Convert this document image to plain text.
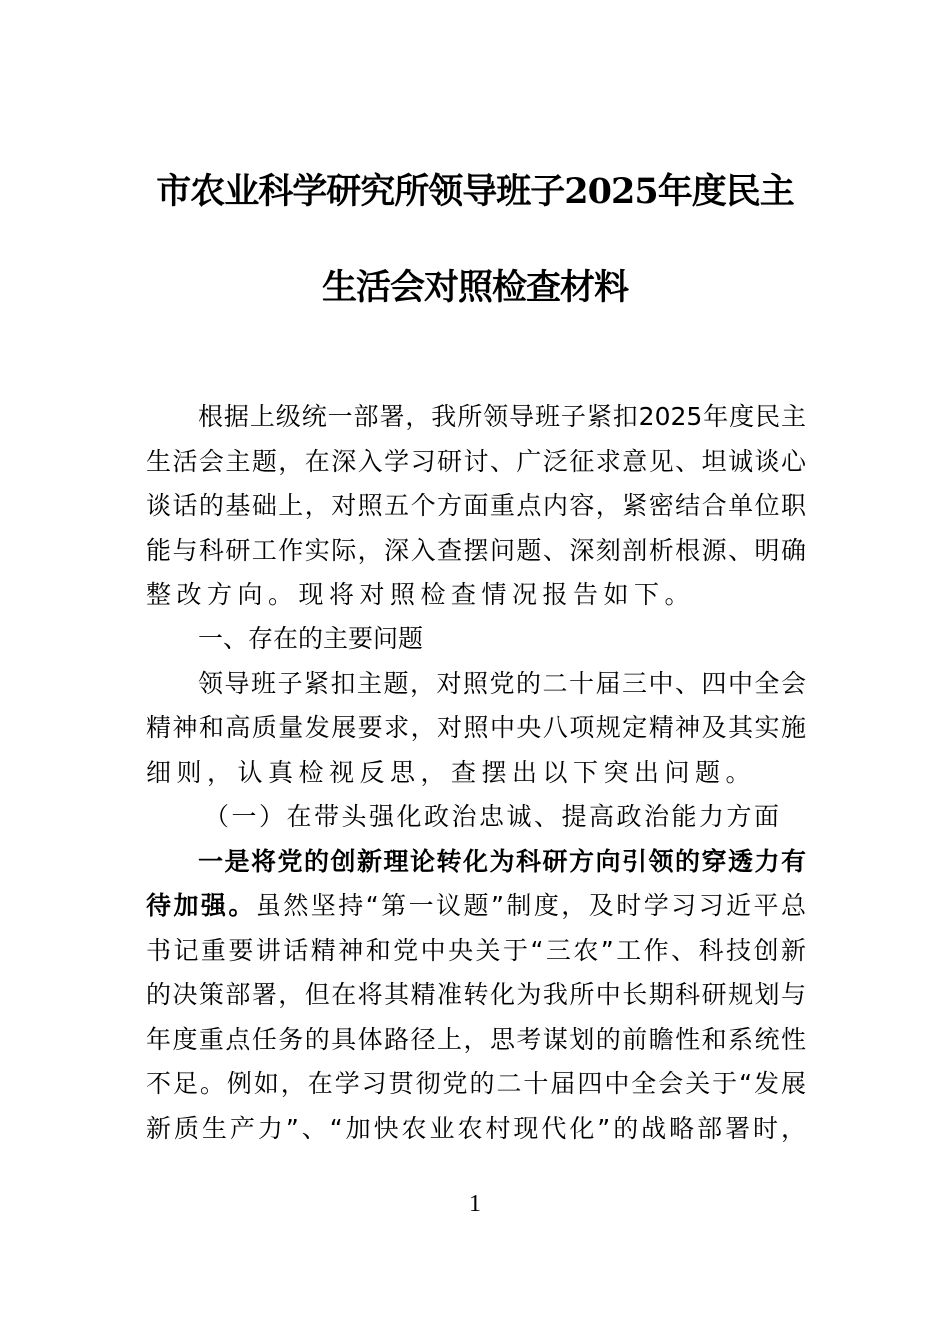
市农业科学研究所领导班子2025年度民主
生活会对照检查材料
根据上级统一部署，我所领导班子紧扣2025年度民主
生活会主题，在深入学习研讨、广泛征求意见、坦诚谈心
谈话的基础上，对照五个方面重点内容，紧密结合单位职
能与科研工作实际，深入查摆问题、深刻剖析根源、明确
整改方向。现将对照检查情况报告如下。
一、存在的主要问题
领导班子紧扣主题，对照党的二十届三中、四中全会
精神和高质量发展要求，对照中央八项规定精神及其实施
细则，认真检视反思，查摆出以下突出问题。
（一）在带头强化政治忠诚、提高政治能力方面
一是将党的创新理论转化为科研方向引领的穿透力有
待加强。虽然坚持“第一议题”制度，及时学习习近平总
书记重要讲话精神和党中央关于“三农”工作、科技创新
的决策部署，但在将其精准转化为我所中长期科研规划与
年度重点任务的具体路径上，思考谋划的前瞻性和系统性
不足。例如，在学习贯彻党的二十届四中全会关于“发展
新质生产力”、“加快农业农村现代化”的战略部署时，
1
